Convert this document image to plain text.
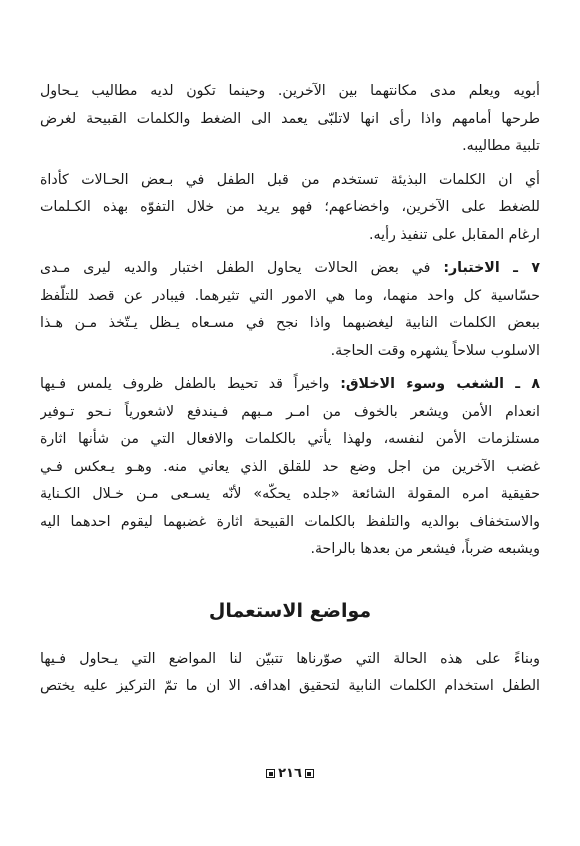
أبويه ويعلم مدى مكانتهما بين الآخرين. وحينما تكون لديه مطاليب يـحاول

طرحها أمامهم واذا رأى انها لاتلبّى يعمد الى الضغط والكلمات القبيحة لغرض

تلبية مطاليبه.

أي ان الكلمات البذيئة تستخدم من قبل الطفل في بـعض الحـالات كأداة

للضغط على الآخرين، واخضاعهم؛ فهو يريد من خلال التفوّه بهذه الكـلمات

ارغام المقابل على تنفيذ رأيه.

٧ ـ الاختبار: في بعض الحالات يحاول الطفل اختبار والديه ليرى مـدى

حسّاسية كل واحد منهما، وما هي الامور التي تثيرهما. فيبادر عن قصد للتلّفظ

ببعض الكلمات النابية ليغضبهما واذا نجح في مسـعاه يـظل يـتّخذ مـن هـذا

الاسلوب سلاحاً يشهره وقت الحاجة.

٨ ـ الشغب وسوء الاخلاق: واخيراً قد تحيط بالطفل ظروف يلمس فـيها

انعدام الأمن ويشعر بالخوف من امـر مـبهم فـيندفع لاشعورياً نـحو تـوفير

مستلزمات الأمن لنفسه، ولهذا يأتي بالكلمات والافعال التي من شأنها اثارة

غضب الآخرين من اجل وضع حد للقلق الذي يعاني منه. وهـو يـعكس فـي

حقيقية امره المقولة الشائعة «جلده يحكّه» لأنّه يسـعى مـن خـلال الكـناية

والاستخفاف بوالديه والتلفظ بالكلمات القبيحة اثارة غضبهما ليقوم احدهما اليه

ويشبعه ضرباً، فيشعر من بعدها بالراحة.

مواضع الاستعمال

وبناءً على هذه الحالة التي صوّرناها تتبيّن لنا المواضع التي يـحاول فـيها

الطفل استخدام الكلمات النابية لتحقيق اهدافه. الا ان ما تمّ التركيز عليه يختص

٢١٦
